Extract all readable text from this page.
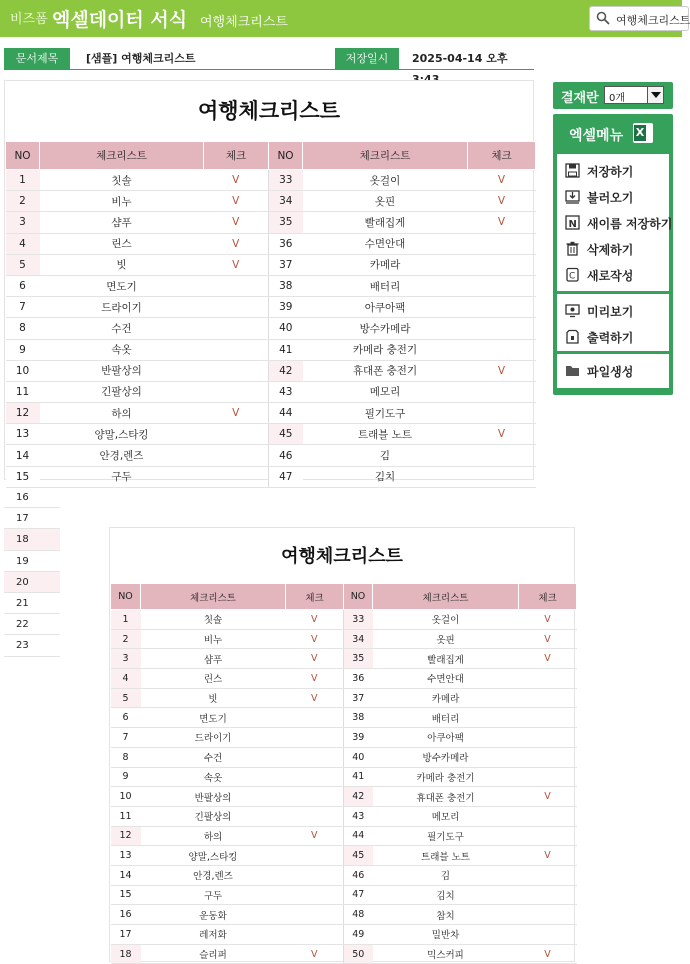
비즈폼 엑셀데이터 서식 여행체크리스트	여행체크리스트
문서제목	[샘플] 여행체크리스트	저장일시	2025-04-14 오후
여행체크리스트
NO	체크리스트	체크	NO	체크리스트	체크
1	칫솔	V	33	옷걸이	V
2	비누	V	34	옷핀	V
3	샴푸	V	35	빨래집게	V
4	린스	V	36	수면안대	
5	빗	V	37	카메라	
6	면도기		38	배터리	
7	드라이기		39	아쿠아팩	
8	수건		40	방수카메라	
9	속옷		41	카메라 충전기	
10	반팔상의		42	휴대폰 충전기	V
11	긴팔상의		43	메모리	
12	하의	V	44	필기도구	
13	양말,스타킹		45	트래블 노트	V
14	안경,렌즈		46	김	
15	구두		47	김치	
16
17
18
19
20
21
22
23
여행체크리스트
NO	체크리스트	체크	NO	체크리스트	체크
1	칫솔	V	33	옷걸이	V
2	비누	V	34	옷핀	V
3	샴푸	V	35	빨래집게	V
4	린스	V	36	수면안대	
5	빗	V	37	카메라	
6	면도기		38	배터리	
7	드라이기		39	아쿠아팩	
8	수건		40	방수카메라	
9	속옷		41	카메라 충전기	
10	반팔상의		42	휴대폰 충전기	V
11	긴팔상의		43	메모리	
12	하의	V	44	필기도구	
13	양말,스타킹		45	트래블 노트	V
14	안경,렌즈		46	김	
15	구두		47	김치	
16	운동화		48	참치	
17	레저화		49	밀반차	
18	슬리퍼	V	50	믹스커피	V
결재란 0개
엑셀메뉴
X
저장하기
불러오기
N 새이름 저장하기
삭제하기
C 새로작성
미리보기
출력하기
파일생성
